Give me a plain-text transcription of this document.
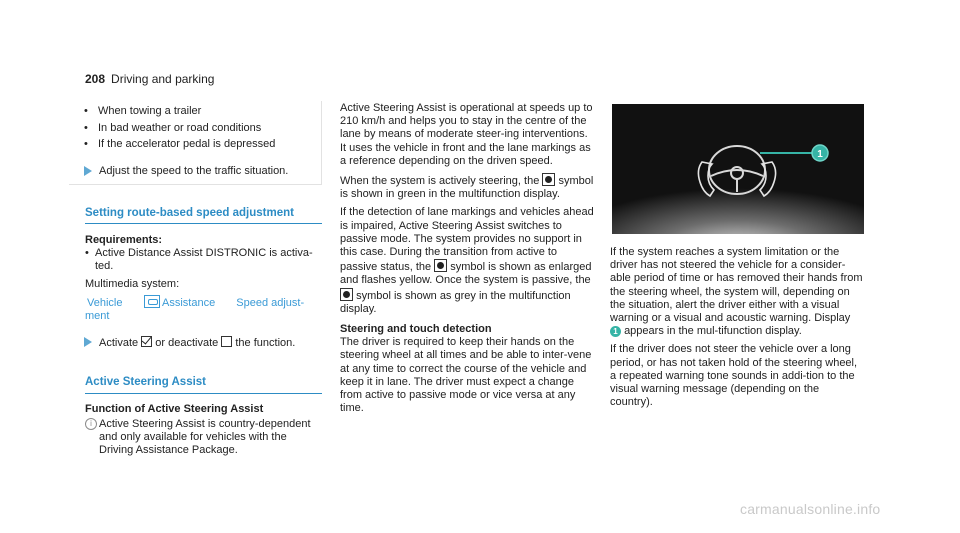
208 Driving and parking
• When towing a trailer
• In bad weather or road conditions
• If the accelerator pedal is depressed
Adjust the speed to the traffic situation.
Setting route-based speed adjustment
Requirements:
• Active Distance Assist DISTRONIC is activa-ted.
Multimedia system:
Vehicle	Assistance Speed adjust-
ment
Activate or deactivate the function.
Active Steering Assist
Function of Active Steering Assist
i Active Steering Assist is country-dependent and only available for vehicles with the Driving Assistance Package.

Active Steering Assist is operational at speeds up to 210 km/h and helps you to stay in the centre of the lane by means of moderate steer-ing interventions. It uses the vehicle in front and the lane markings as a reference depending on the driven speed.

When the system is actively steering, the symbol is shown in green in the multifunction display.

If the detection of lane markings and vehicles ahead is impaired, Active Steering Assist switches to passive mode. The system provides no support in this case. During the transition from active to passive status, the symbol is shown as enlarged and flashes yellow. Once the system is passive, the  symbol is shown as grey in the multifunction display.

Steering and touch detection

The driver is required to keep their hands on the steering wheel at all times and be able to inter-vene at any time to correct the course of the vehicle and keep it in lane. The driver must expect a change from active to passive mode or vice versa at any time.

1

If the system reaches a system limitation or the driver has not steered the vehicle for a consider-able period of time or has removed their hands from the steering wheel, the system will, depending on the situation, alert the driver either with a visual warning or a visual and acoustic warning. Display 1 appears in the mul-tifunction display.

If the driver does not steer the vehicle over a long period, or has not taken hold of the steering wheel, a repeated warning tone sounds in addi-tion to the visual warning message (depending on the country).

carmanualsonline.info
